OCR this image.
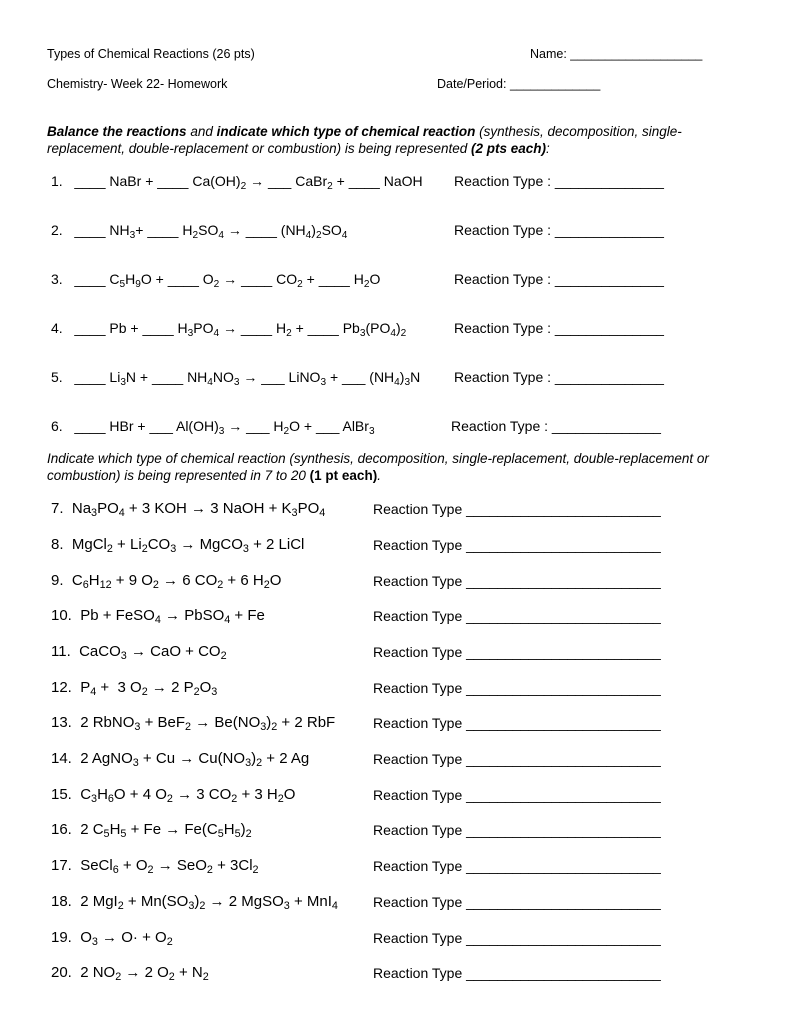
Types of Chemical Reactions (26 pts)	Name: ___________________
Chemistry- Week 22- Homework	Date/Period: _____________
Balance the reactions and indicate which type of chemical reaction (synthesis, decomposition, single-replacement, double-replacement or combustion) is being represented (2 pts each):
1. ____ NaBr + ____ $Ca(OH)_2$ → ___ CaBr$_2$ + ____ NaOH Reaction Type : ______________
2. ____ $NH_3+$ ____ $H_2SO_4$ → ____ $(NH_4)_2SO_4$	Reaction Type : ______________
3. ____ $C_5H_9O$ + ____ $O_2$ → ____ $CO_2$ + ____ $H_2O$	Reaction Type : ______________
4. ____ Pb + ____ $H_3PO_4$ → ____ $H_2$ + ____ $Pb_3(PO_4)_2$	Reaction Type : ______________
5. ____ $Li_3N$ + ____ $NH_4NO_3$ → ___ LiNO$_3$ + ___ $(NH_4)_3N$ Reaction Type : ______________
6. ____ HBr + ___ $Al(OH)_3$ → ___ $H_2O$ + ___ AlBr$_3$	Reaction Type : ______________
Indicate which type of chemical reaction (synthesis, decomposition, single-replacement, double-replacement or combustion) is being represented in 7 to 20 (1 pt each).
7. $Na_3PO_4 + 3$ KOH → 3 NaOH + $K_3PO_4$	Reaction Type _________________________
8. MgCl$_2$ + $Li_2CO_3$ → MgCO$_3$ + 2 LiCl	Reaction Type _________________________
9. $C_6H_{12} + 9$ $O_2 \to 6$ $CO_2 + 6$ $H_2O$	Reaction Type _________________________
10. Pb + FeSO$_4$ → PbSO$_4$ + Fe	Reaction Type _________________________
11. CaCO$_3$ → CaO + $CO_2$	Reaction Type _________________________
12. $P_4 + 3$ $O_2 \to 2$ $P_2O_3$	Reaction Type _________________________
13. 2 RbNO$_3$ + $BeF_2 \to Be(NO_3)_2 + 2$ RbF	Reaction Type _________________________
14. 2 AgNO$_3$ + $Cu \to Cu(NO_3)_2 + 2$ Ag	Reaction Type _________________________
15. $C_3H_6O + 4$ $O_2 \to 3$ $CO_2 + 3$ $H_2O$	Reaction Type _________________________
16. 2 $C_5H_5 + Fe \to Fe(C_5H_5)_2$	Reaction Type _________________________
17. SeCl$_6$ + $O_2 \to SeO_2 + 3Cl_2$	Reaction Type _________________________
18. 2 $MgI_2 + Mn(SO_3)_2 \to 2$ MgSO$_3$ + MnI$_4$	Reaction Type _________________________
19. $O_3 \to O\cdot + O_2$	Reaction Type _________________________
20. 2 $NO_2 \to 2$ $O_2 + N_2$	Reaction Type _________________________
